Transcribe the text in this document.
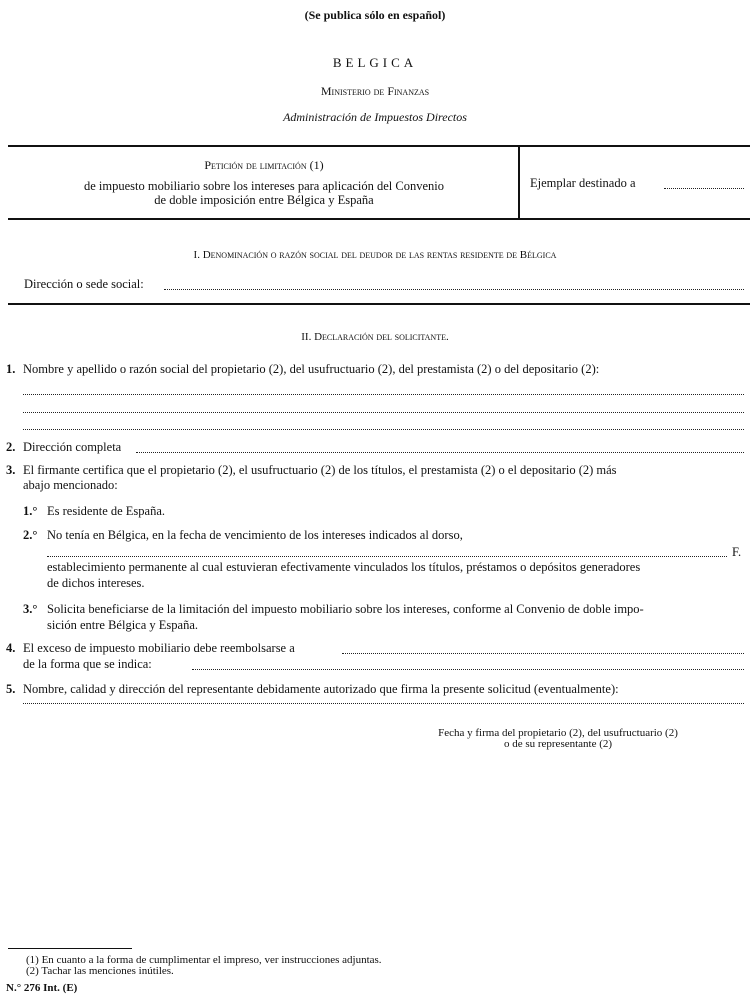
(Se publica sólo en español)
BELGICA
Ministerio de Finanzas
Administración de Impuestos Directos
Petición de limitación (1)
de impuesto mobiliario sobre los intereses para aplicación del Convenio
de doble imposición entre Bélgica y España
Ejemplar destinado a
I. Denominación o razón social del deudor de las rentas residente de Bélgica
Dirección o sede social:
II. Declaración del solicitante.
1. Nombre y apellido o razón social del propietario (2), del usufructuario (2), del prestamista (2) o del depositario (2):
2. Dirección completa
3. El firmante certifica que el propietario (2), el usufructuario (2) de los títulos, el prestamista (2) o el depositario (2) más
abajo mencionado:
1.° Es residente de España.
2.° No tenía en Bélgica, en la fecha de vencimiento de los intereses indicados al dorso,
F.
establecimiento permanente al cual estuvieran efectivamente vinculados los títulos, préstamos o depósitos generadores
de dichos intereses.
3.° Solicita beneficiarse de la limitación del impuesto mobiliario sobre los intereses, conforme al Convenio de doble impo-
sición entre Bélgica y España.
4. El exceso de impuesto mobiliario debe reembolsarse a
de la forma que se indica:
5. Nombre, calidad y dirección del representante debidamente autorizado que firma la presente solicitud (eventualmente):
Fecha y firma del propietario (2), del usufructuario (2)
o de su representante (2)
(1) En cuanto a la forma de cumplimentar el impreso, ver instrucciones adjuntas.
(2) Tachar las menciones inútiles.
N.° 276 Int. (E)
